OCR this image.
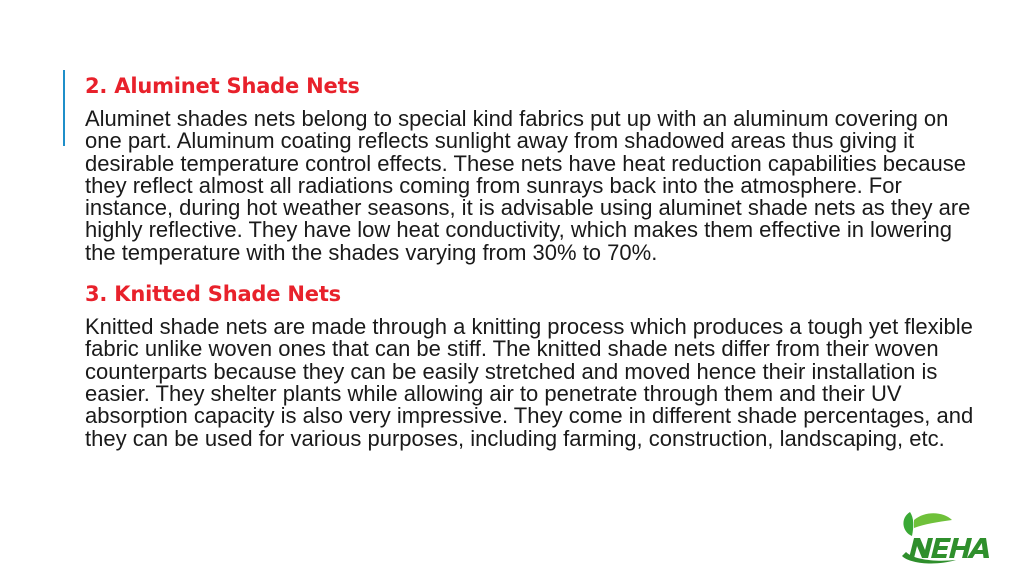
2. Aluminet Shade Nets

Aluminet shades nets belong to special kind fabrics put up with an aluminum covering on one part. Aluminum coating reflects sunlight away from shadowed areas thus giving it desirable temperature control effects. These nets have heat reduction capabilities because they reflect almost all radiations coming from sunrays back into the atmosphere. For instance, during hot weather seasons, it is advisable using aluminet shade nets as they are highly reflective. They have low heat conductivity, which makes them effective in lowering the temperature with the shades varying from 30% to 70%.

3. Knitted Shade Nets

Knitted shade nets are made through a knitting process which produces a tough yet flexible fabric unlike woven ones that can be stiff. The knitted shade nets differ from their woven counterparts because they can be easily stretched and moved hence their installation is easier. They shelter plants while allowing air to penetrate through them and their UV absorption capacity is also very impressive. They come in different shade percentages, and they can be used for various purposes, including farming, construction, landscaping, etc.
